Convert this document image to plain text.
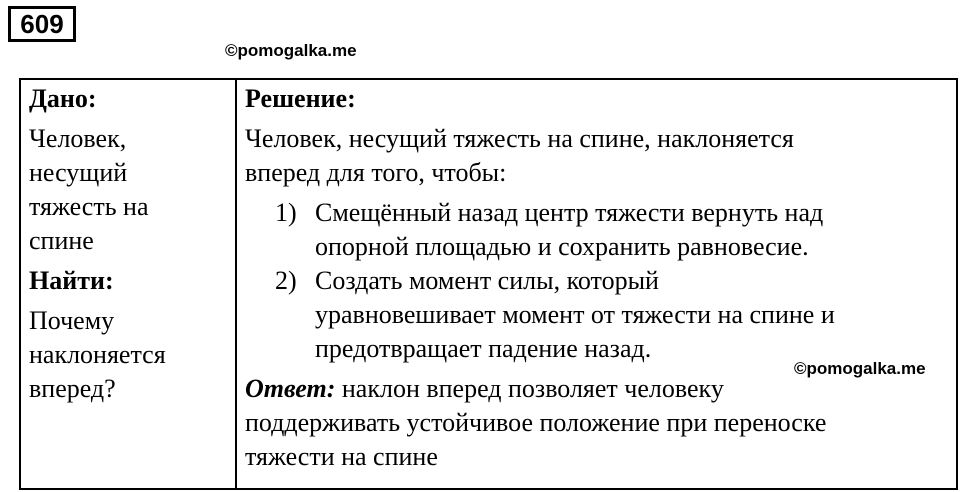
609
©pomogalka.me
Дано:
Человек,
несущий
тяжесть на
спине
Найти:
Почему
наклоняется
вперед?
Решение:
Человек, несущий тяжесть на спине, наклоняется
вперед для того, чтобы:
1) Смещённый назад центр тяжести вернуть над
опорной площадью и сохранить равновесие.
2) Создать момент силы, который
уравновешивает момент от тяжести на спине и
предотвращает падение назад.
Ответ: наклон вперед позволяет человеку
поддерживать устойчивое положение при переноске
тяжести на спине
©pomogalka.me
